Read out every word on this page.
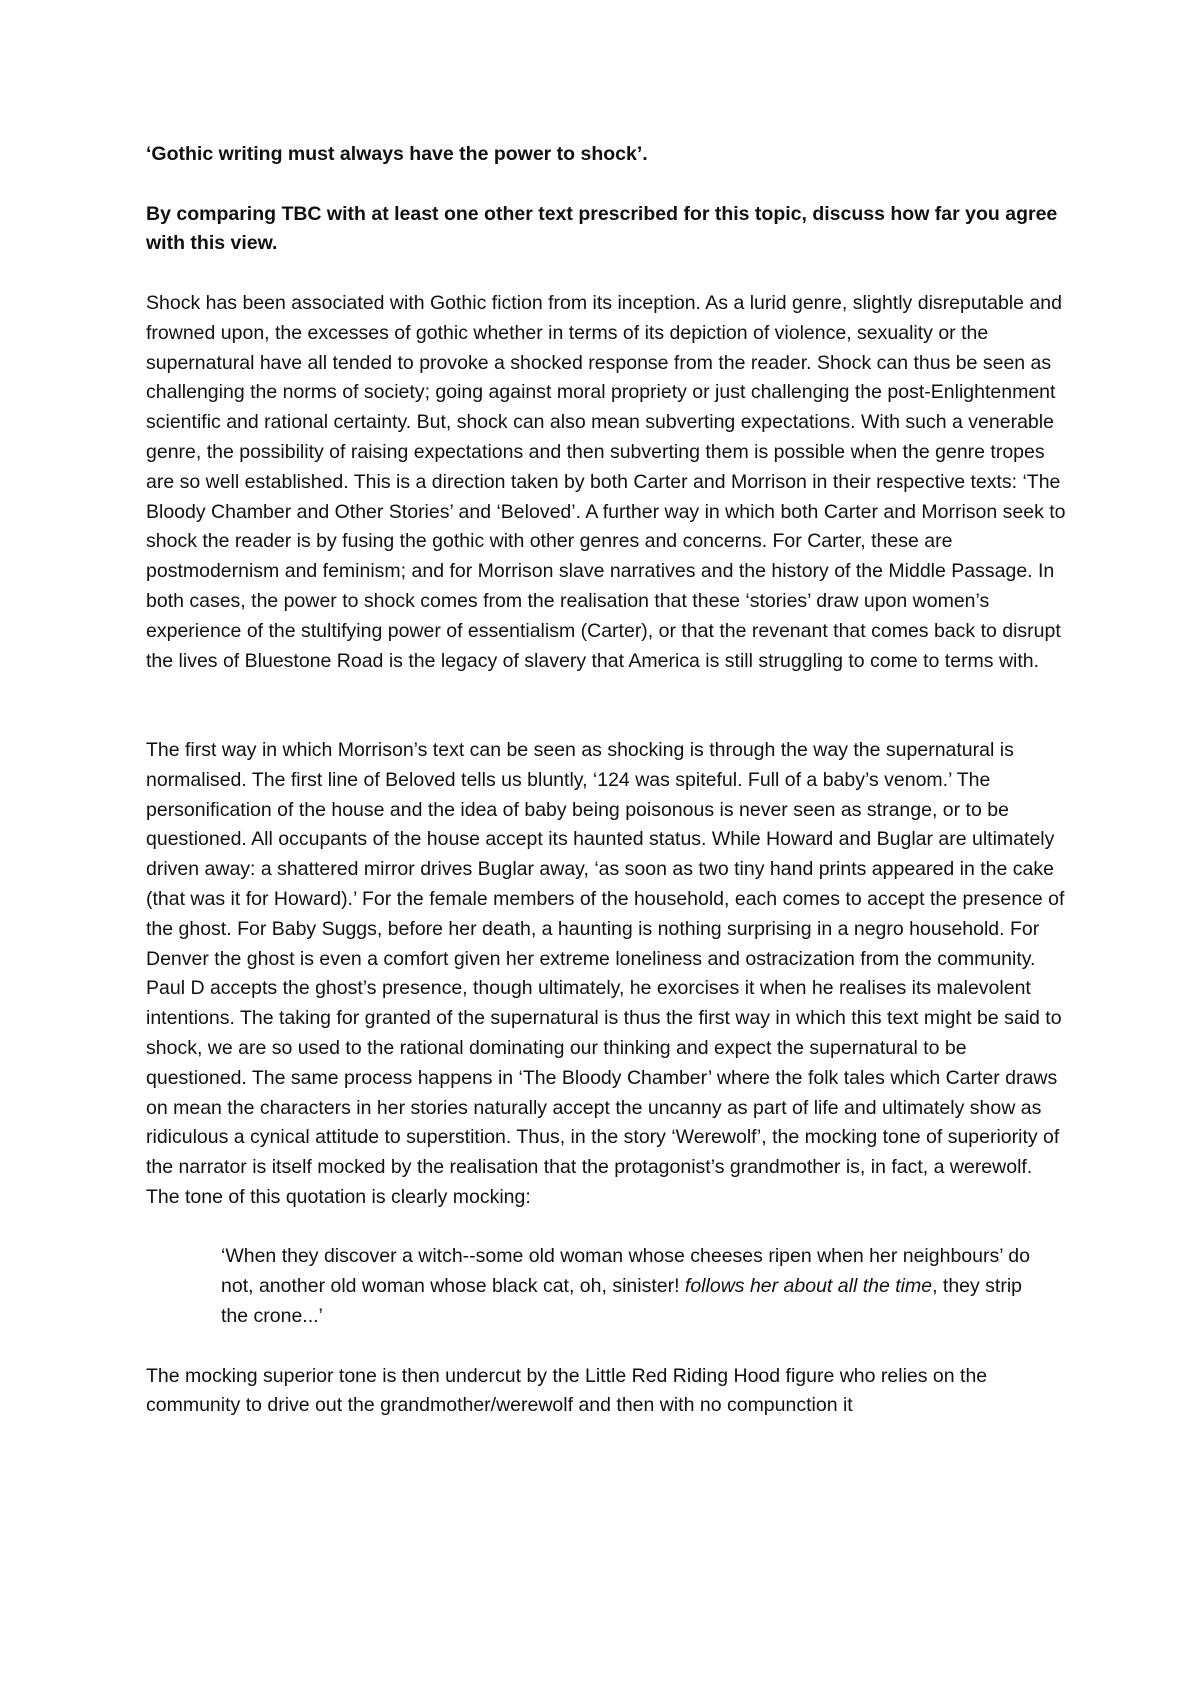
‘Gothic writing must always have the power to shock’.

By comparing TBC with at least one other text prescribed for this topic, discuss how far you agree with this view.

Shock has been associated with Gothic fiction from its inception. As a lurid genre, slightly disreputable and frowned upon, the excesses of gothic whether in terms of its depiction of violence, sexuality or the supernatural have all tended to provoke a shocked response from the reader. Shock can thus be seen as challenging the norms of society; going against moral propriety or just challenging the post-Enlightenment scientific and rational certainty. But, shock can also mean subverting expectations. With such a venerable genre, the possibility of raising expectations and then subverting them is possible when the genre tropes are so well established. This is a direction taken by both Carter and Morrison in their respective texts: ‘The Bloody Chamber and Other Stories’ and ‘Beloved’. A further way in which both Carter and Morrison seek to shock the reader is by fusing the gothic with other genres and concerns. For Carter, these are postmodernism and feminism; and for Morrison slave narratives and the history of the Middle Passage. In both cases, the power to shock comes from the realisation that these ‘stories’ draw upon women’s experience of the stultifying power of essentialism (Carter), or that the revenant that comes back to disrupt the lives of Bluestone Road is the legacy of slavery that America is still struggling to come to terms with.

The first way in which Morrison’s text can be seen as shocking is through the way the supernatural is normalised. The first line of Beloved tells us bluntly, ‘124 was spiteful. Full of a baby’s venom.’ The personification of the house and the idea of baby being poisonous is never seen as strange, or to be questioned. All occupants of the house accept its haunted status. While Howard and Buglar are ultimately driven away: a shattered mirror drives Buglar away, ‘as soon as two tiny hand prints appeared in the cake (that was it for Howard).’ For the female members of the household, each comes to accept the presence of the ghost. For Baby Suggs, before her death, a haunting is nothing surprising in a negro household. For Denver the ghost is even a comfort given her extreme loneliness and ostracization from the community. Paul D accepts the ghost’s presence, though ultimately, he exorcises it when he realises its malevolent intentions. The taking for granted of the supernatural is thus the first way in which this text might be said to shock, we are so used to the rational dominating our thinking and expect the supernatural to be questioned. The same process happens in ‘The Bloody Chamber’ where the folk tales which Carter draws on mean the characters in her stories naturally accept the uncanny as part of life and ultimately show as ridiculous a cynical attitude to superstition. Thus, in the story ‘Werewolf’, the mocking tone of superiority of the narrator is itself mocked by the realisation that the protagonist’s grandmother is, in fact, a werewolf. The tone of this quotation is clearly mocking:

‘When they discover a witch--some old woman whose cheeses ripen when her neighbours’ do not, another old woman whose black cat, oh, sinister! follows her about all the time, they strip the crone...’

The mocking superior tone is then undercut by the Little Red Riding Hood figure who relies on the community to drive out the grandmother/werewolf and then with no compunction it
